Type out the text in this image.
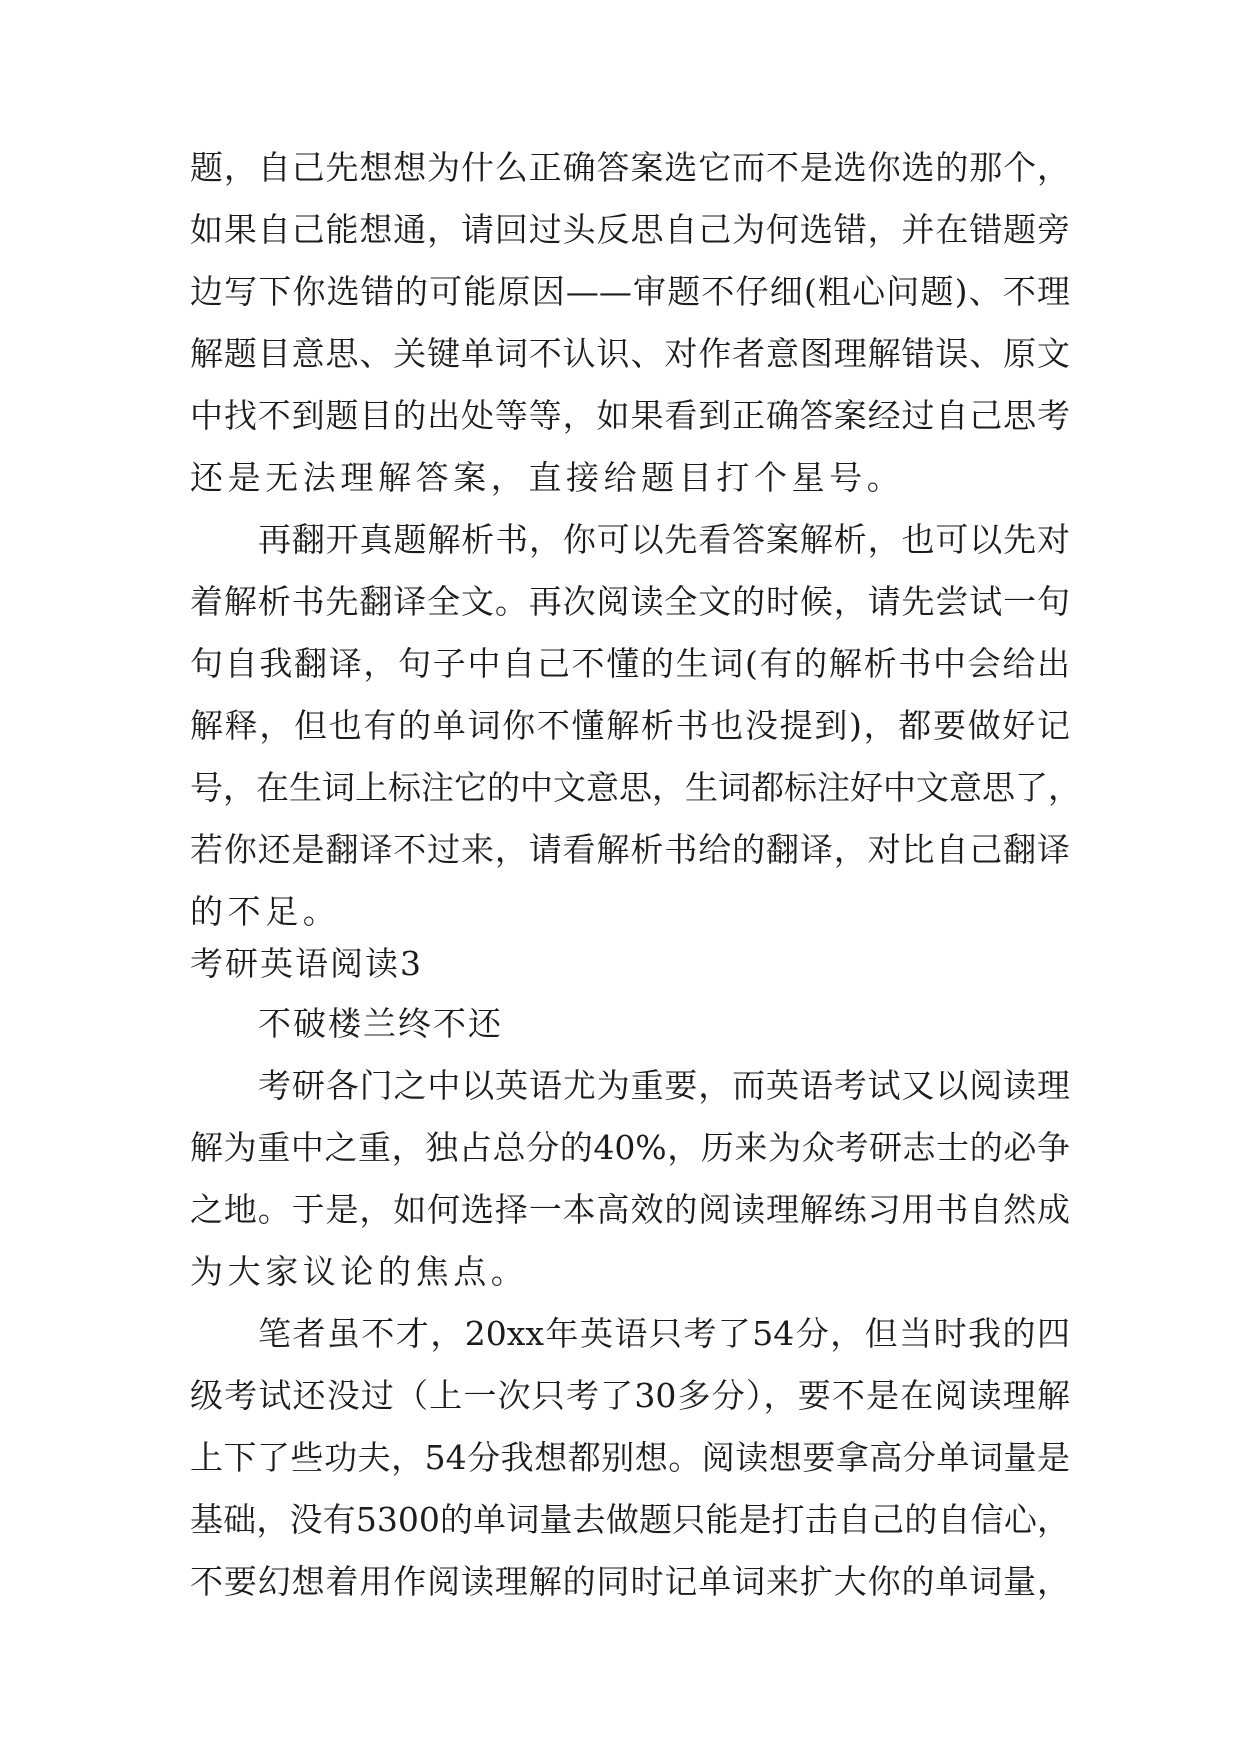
题，自己先想想为什么正确答案选它而不是选你选的那个，
如果自己能想通，请回过头反思自己为何选错，并在错题旁
边写下你选错的可能原因——审题不仔细(粗心问题)、不理
解题目意思、关键单词不认识、对作者意图理解错误、原文
中找不到题目的出处等等，如果看到正确答案经过自己思考
还是无法理解答案，直接给题目打个星号。
再翻开真题解析书，你可以先看答案解析，也可以先对
着解析书先翻译全文。再次阅读全文的时候，请先尝试一句
句自我翻译，句子中自己不懂的生词(有的解析书中会给出
解释，但也有的单词你不懂解析书也没提到)，都要做好记
号，在生词上标注它的中文意思，生词都标注好中文意思了，
若你还是翻译不过来，请看解析书给的翻译，对比自己翻译
的不足。
考研英语阅读3
不破楼兰终不还
考研各门之中以英语尤为重要，而英语考试又以阅读理
解为重中之重，独占总分的40%，历来为众考研志士的必争
之地。于是，如何选择一本高效的阅读理解练习用书自然成
为大家议论的焦点。
笔者虽不才，20xx年英语只考了54分，但当时我的四
级考试还没过（上一次只考了30多分），要不是在阅读理解
上下了些功夫，54分我想都别想。阅读想要拿高分单词量是
基础，没有5300的单词量去做题只能是打击自己的自信心，
不要幻想着用作阅读理解的同时记单词来扩大你的单词量，
